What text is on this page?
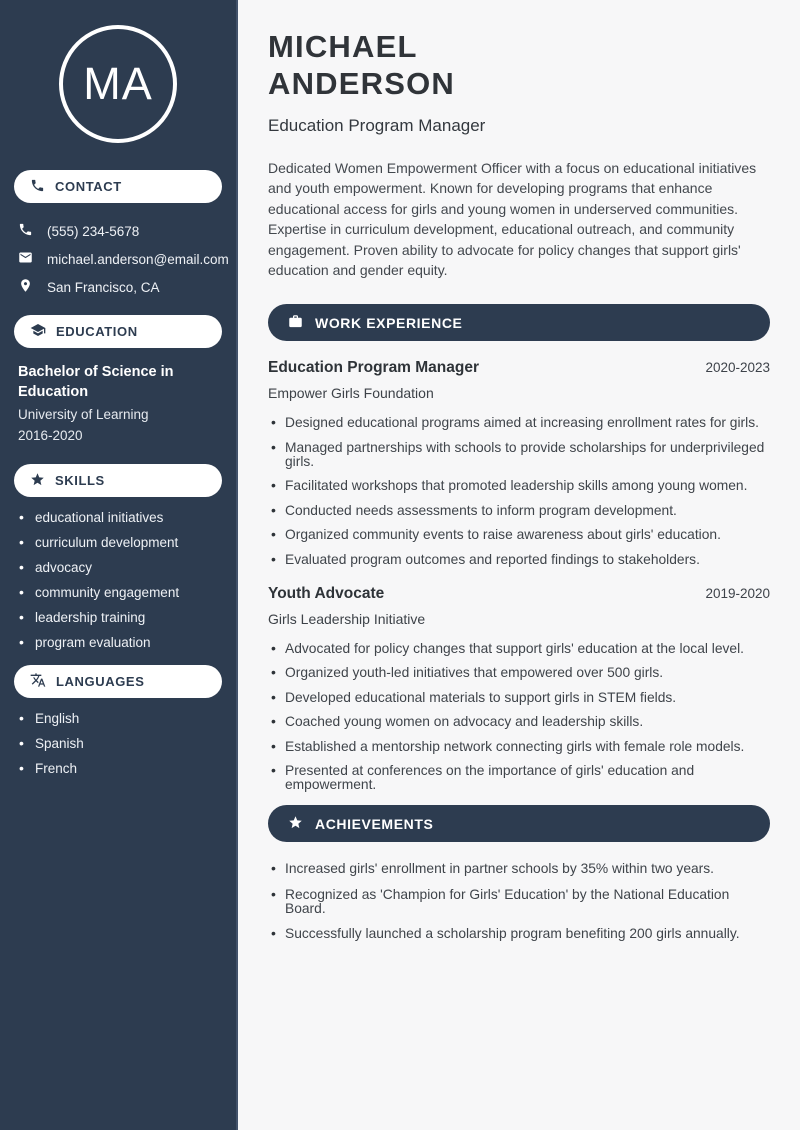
MA
CONTACT
(555) 234-5678
michael.anderson@email.com
San Francisco, CA
EDUCATION
Bachelor of Science in Education
University of Learning
2016-2020
SKILLS
• educational initiatives
• curriculum development
• advocacy
• community engagement
• leadership training
• program evaluation
LANGUAGES
• English
• Spanish
• French
MICHAEL
ANDERSON
Education Program Manager
Dedicated Women Empowerment Officer with a focus on educational initiatives and youth empowerment. Known for developing programs that enhance educational access for girls and young women in underserved communities. Expertise in curriculum development, educational outreach, and community engagement. Proven ability to advocate for policy changes that support girls' education and gender equity.
WORK EXPERIENCE
Education Program Manager	2020-2023
Empower Girls Foundation
• Designed educational programs aimed at increasing enrollment rates for girls.
• Managed partnerships with schools to provide scholarships for underprivileged girls.
• Facilitated workshops that promoted leadership skills among young women.
• Conducted needs assessments to inform program development.
• Organized community events to raise awareness about girls' education.
• Evaluated program outcomes and reported findings to stakeholders.
Youth Advocate	2019-2020
Girls Leadership Initiative
• Advocated for policy changes that support girls' education at the local level.
• Organized youth-led initiatives that empowered over 500 girls.
• Developed educational materials to support girls in STEM fields.
• Coached young women on advocacy and leadership skills.
• Established a mentorship network connecting girls with female role models.
• Presented at conferences on the importance of girls' education and empowerment.
ACHIEVEMENTS
• Increased girls' enrollment in partner schools by 35% within two years.
• Recognized as 'Champion for Girls' Education' by the National Education Board.
• Successfully launched a scholarship program benefiting 200 girls annually.
